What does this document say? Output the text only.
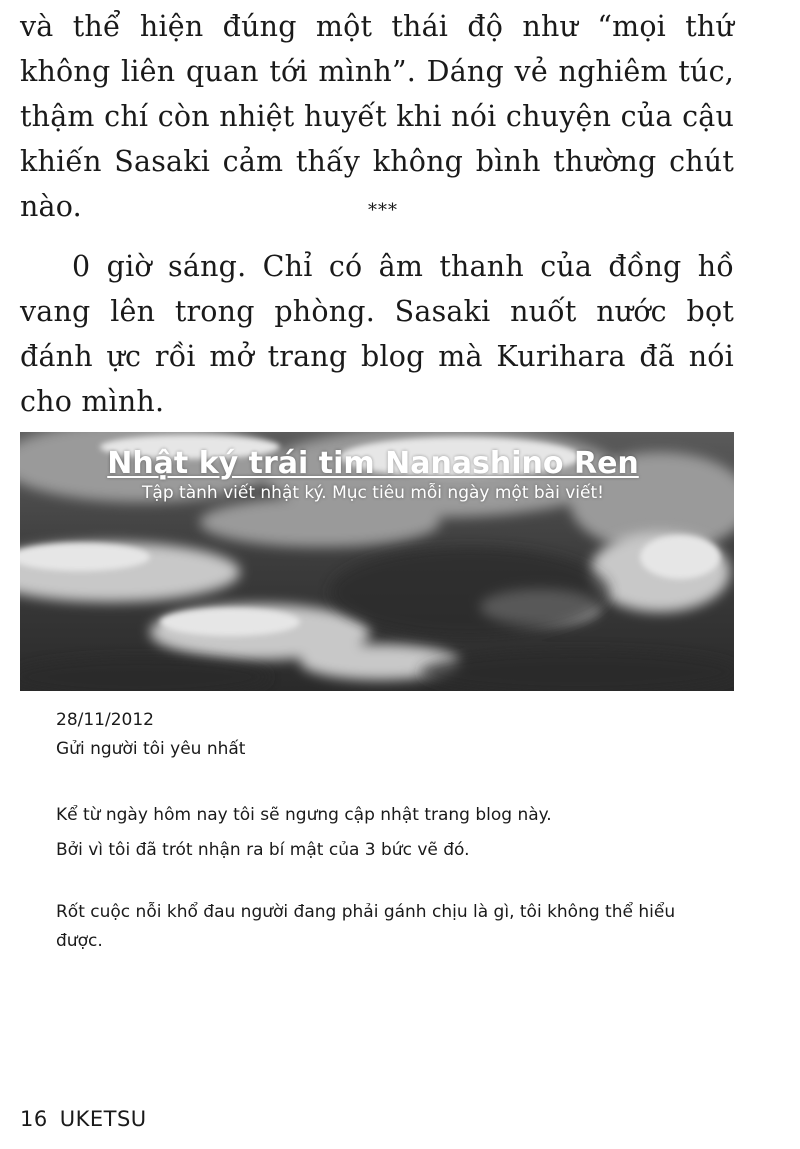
và thể hiện đúng một thái độ như “mọi thứ không liên quan tới mình”. Dáng vẻ nghiêm túc, thậm chí còn nhiệt huyết khi nói chuyện của cậu khiến Sasaki cảm thấy không bình thường chút nào.	***

0 giờ sáng. Chỉ có âm thanh của đồng hồ vang lên trong phòng. Sasaki nuốt nước bọt đánh ực rồi mở trang blog mà Kurihara đã nói cho mình.

Nhật ký trái tim Nanashino Ren
Tập tành viết nhật ký. Mục tiêu mỗi ngày một bài viết!
28/11/2012
Gửi người tôi yêu nhất
Kể từ ngày hôm nay tôi sẽ ngưng cập nhật trang blog này.
Bởi vì tôi đã trót nhận ra bí mật của 3 bức vẽ đó.
Rốt cuộc nỗi khổ đau người đang phải gánh chịu là gì, tôi không thể hiểu được.
16 UKETSU
